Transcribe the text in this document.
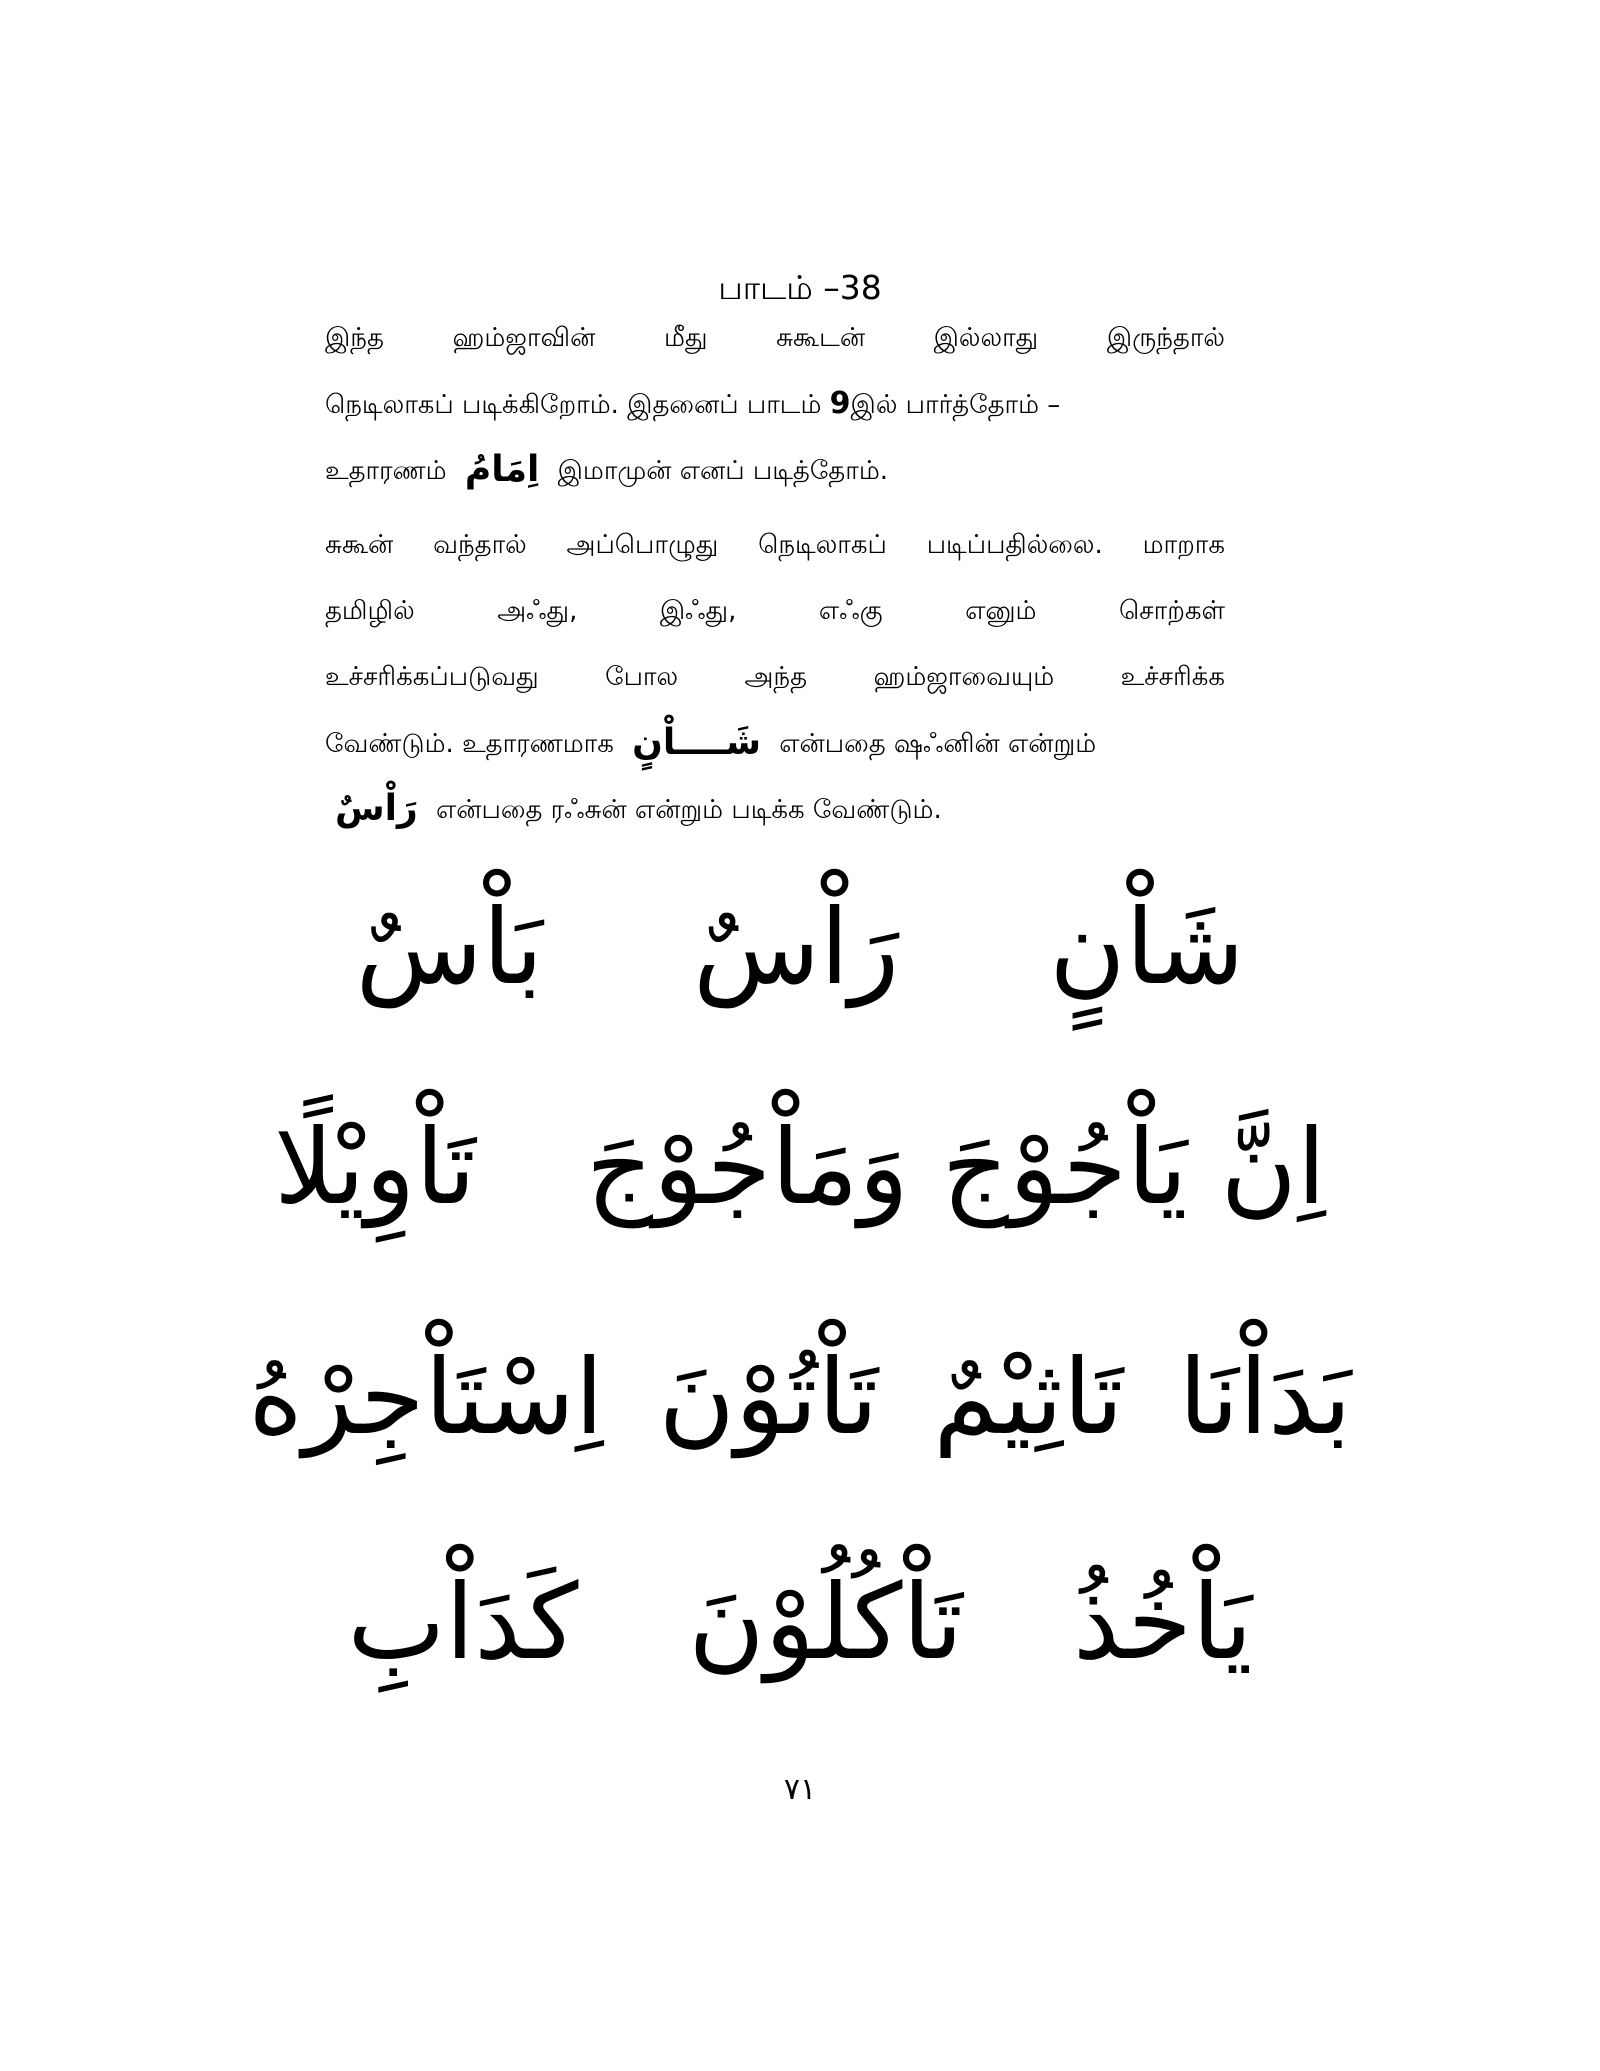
பாடம் –38
இந்த ஹம்ஜாவின் மீது சுகூடன் இல்லாது இருந்தால்
நெடிலாகப் படிக்கிறோம். இதனைப் பாடம் 9இல் பார்த்தோம் –
உதாரணம் اِمَامُ இமாமுன் எனப் படித்தோம்.
சுகூன் வந்தால் அப்பொழுது நெடிலாகப் படிப்பதில்லை. மாறாக
தமிழில் அஃது, இஃது, எஃகு எனும் சொற்கள்
உச்சரிக்கப்படுவது போல அந்த ஹம்ஜாவையும் உச்சரிக்க
வேண்டும். உதாரணமாக شَــــاْنٍ என்பதை ஷஃனின் என்றும்
رَاْسٌ என்பதை ரஃசுன் என்றும் படிக்க வேண்டும்.
شَاْنٍ
رَاْسٌ
بَاْسٌ
اِنَّ يَاْجُوْجَ وَمَاْجُوْجَ
تَاْوِيْلًا
بَدَاْنَا
تَاثِيْمٌ
تَاْتُوْنَ
اِسْتَاْجِرْهُ
يَاْخُذُ
تَاْكُلُوْنَ
كَدَاْبِ
٧١
